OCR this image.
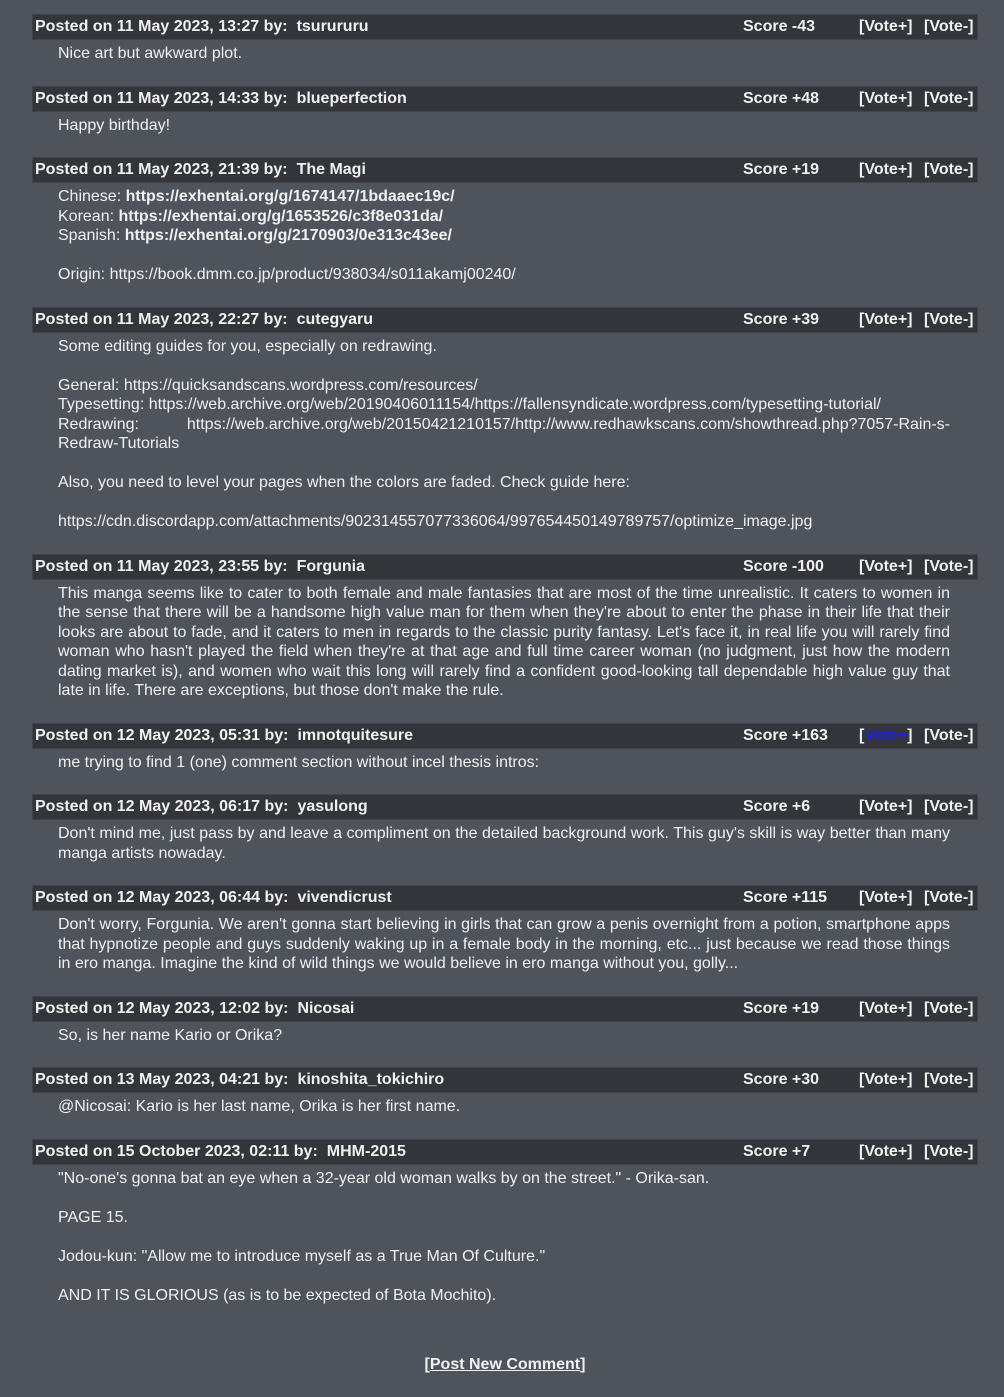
Posted on 11 May 2023, 13:27 by: tsurururu	Score -43	[Vote+] [Vote-]
Nice art but awkward plot.
Posted on 11 May 2023, 14:33 by: blueperfection	Score +48 [Vote+] [Vote-]
Happy birthday!
Posted on 11 May 2023, 21:39 by: The Magi	Score +19 [Vote+] [Vote-]
Chinese: https://exhentai.org/g/1674147/1bdaaec19c/
Korean: https://exhentai.org/g/1653526/c3f8e031da/
Spanish: https://exhentai.org/g/2170903/0e313c43ee/
Origin: https://book.dmm.co.jp/product/938034/s011akamj00240/
Posted on 11 May 2023, 22:27 by: cutegyaru	Score +39 [Vote+] [Vote-]
Some editing guides for you, especially on redrawing.
General: https://quicksandscans.wordpress.com/resources/
Typesetting: https://web.archive.org/web/20190406011154/https://fallensyndicate.wordpress.com/typesetting-tutorial/
Redrawing:    https://web.archive.org/web/20150421210157/http://www.redhawkscans.com/showthread.php?7057-Rain-s-Redraw-Tutorials
Also, you need to level your pages when the colors are faded. Check guide here:
https://cdn.discordapp.com/attachments/902314557077336064/997654450149789757/optimize_image.jpg
Posted on 11 May 2023, 23:55 by: Forgunia	Score -100 [Vote+] [Vote-]
This manga seems like to cater to both female and male fantasies that are most of the time unrealistic. It caters to women in the sense that there will be a handsome high value man for them when they're about to enter the phase in their life that their looks are about to fade, and it caters to men in regards to the classic purity fantasy. Let's face it, in real life you will rarely find woman who hasn't played the field when they're at that age and full time career woman (no judgment, just how the modern dating market is), and women who wait this long will rarely find a confident good-looking tall dependable high value guy that late in life. There are exceptions, but those don't make the rule.
Posted on 12 May 2023, 05:31 by: imnotquitesure	Score +163 [Vote+] [Vote-]
me trying to find 1 (one) comment section without incel thesis intros:
Posted on 12 May 2023, 06:17 by: yasulong	Score +6	[Vote+] [Vote-]
Don't mind me, just pass by and leave a compliment on the detailed background work. This guy's skill is way better than many manga artists nowaday.
Posted on 12 May 2023, 06:44 by: vivendicrust	Score +115 [Vote+] [Vote-]
Don't worry, Forgunia. We aren't gonna start believing in girls that can grow a penis overnight from a potion, smartphone apps that hypnotize people and guys suddenly waking up in a female body in the morning, etc... just because we read those things in ero manga. Imagine the kind of wild things we would believe in ero manga without you, golly...
Posted on 12 May 2023, 12:02 by: Nicosai	Score +19 [Vote+] [Vote-]
So, is her name Kario or Orika?
Posted on 13 May 2023, 04:21 by: kinoshita_tokichiro	Score +30 [Vote+] [Vote-]
@Nicosai: Kario is her last name, Orika is her first name.
Posted on 15 October 2023, 02:11 by: MHM-2015	Score +7	[Vote+] [Vote-]
"No-one's gonna bat an eye when a 32-year old woman walks by on the street." - Orika-san.
PAGE 15.
Jodou-kun: "Allow me to introduce myself as a True Man Of Culture."
AND IT IS GLORIOUS (as is to be expected of Bota Mochito).
[Post New Comment]
